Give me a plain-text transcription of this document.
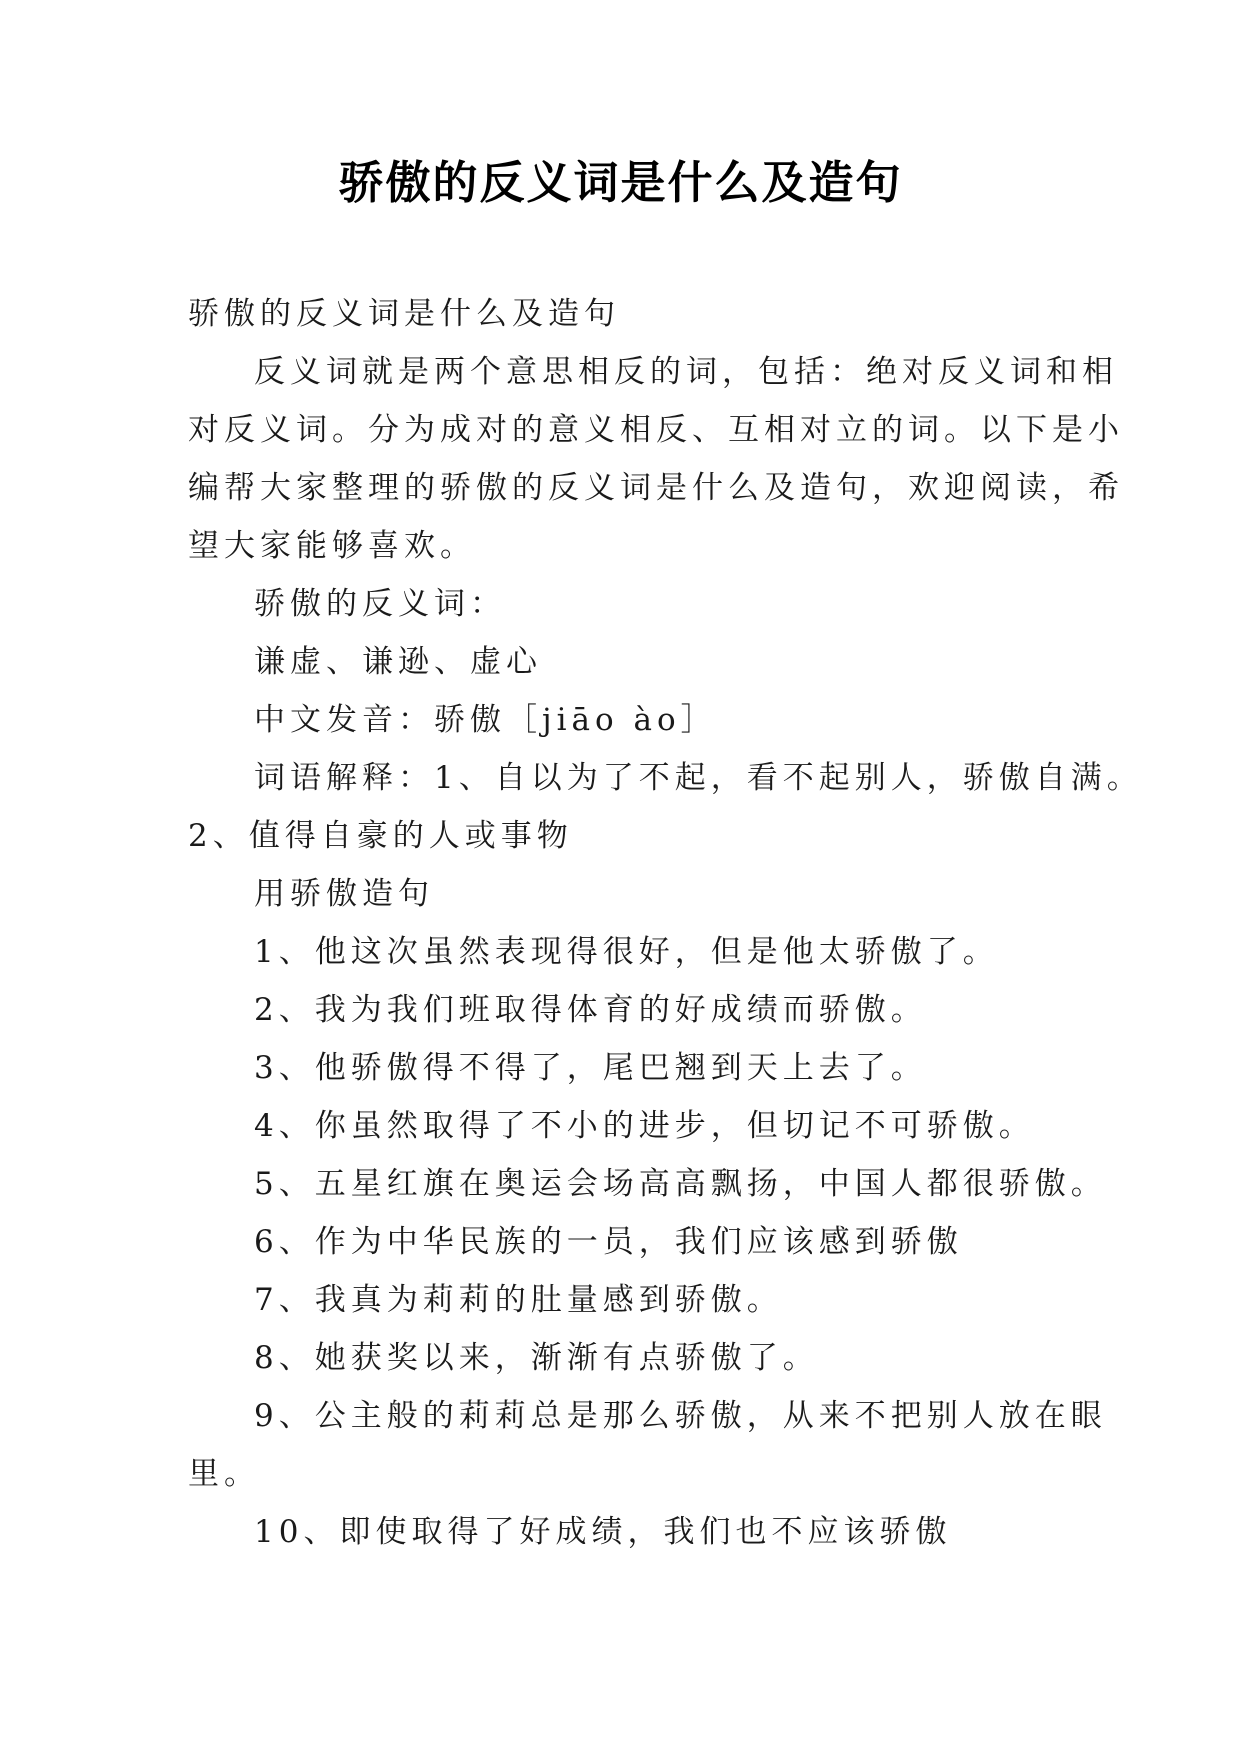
骄傲的反义词是什么及造句

骄傲的反义词是什么及造句

反义词就是两个意思相反的词，包括：绝对反义词和相

对反义词。分为成对的意义相反、互相对立的词。以下是小

编帮大家整理的骄傲的反义词是什么及造句，欢迎阅读，希

望大家能够喜欢。

骄傲的反义词：

谦虚、谦逊、虚心

中文发音：骄傲［jiāo ào］

词语解释：1、自以为了不起，看不起别人，骄傲自满。

2、值得自豪的人或事物

用骄傲造句

1、他这次虽然表现得很好，但是他太骄傲了。

2、我为我们班取得体育的好成绩而骄傲。

3、他骄傲得不得了，尾巴翘到天上去了。

4、你虽然取得了不小的进步，但切记不可骄傲。

5、五星红旗在奥运会场高高飘扬，中国人都很骄傲。

6、作为中华民族的一员，我们应该感到骄傲

7、我真为莉莉的肚量感到骄傲。

8、她获奖以来，渐渐有点骄傲了。

9、公主般的莉莉总是那么骄傲，从来不把别人放在眼

里。

10、即使取得了好成绩，我们也不应该骄傲
